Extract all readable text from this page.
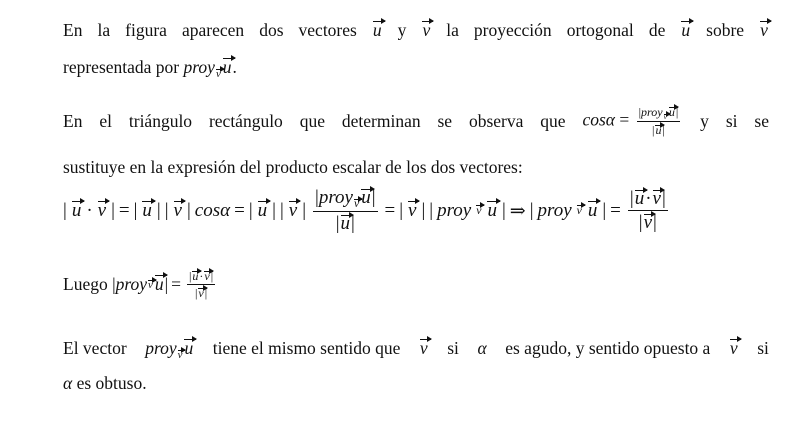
En la figura aparecen dos vectores u y v la proyección ortogonal de u sobre v
representada por proy$_v$ u.
En el triángulo rectángulo que determinan se observa que $\cos\alpha = \frac{|proy_v u|}{|u|}$ y si se
sustituye en la expresión del producto escalar de los dos vectores:
| u · v | = | u | | v | cosα = | u | | v | $\frac{|proy_v u|}{|u|}$ = | v | | proy v u | ⇒ | proy v u | = $\frac{|u\cdot v|}{|v|}$
Luego | proy v u | = $\frac{|u\cdot v|}{|v|}$
El vector proy$_v$ u tiene el mismo sentido que v si α es agudo, y sentido opuesto a v si
α es obtuso.
